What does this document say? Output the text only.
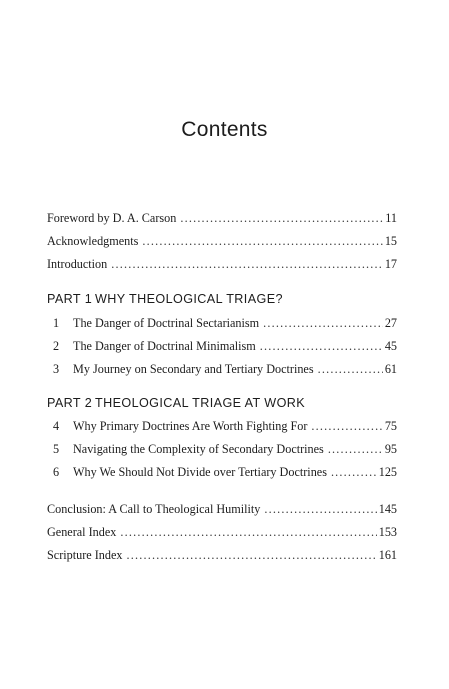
Contents
Foreword by D. A. Carson .....	11
Acknowledgments .....	15
Introduction .....	17
PART 1 WHY THEOLOGICAL TRIAGE?
1	The Danger of Doctrinal Sectarianism .....	27
2	The Danger of Doctrinal Minimalism .....	45
3	My Journey on Secondary and Tertiary Doctrines .....	61
PART 2 THEOLOGICAL TRIAGE AT WORK
4	Why Primary Doctrines Are Worth Fighting For .....	75
5	Navigating the Complexity of Secondary Doctrines .....	95
6	Why We Should Not Divide over Tertiary Doctrines .....	125
Conclusion: A Call to Theological Humility .....	145
General Index .....	153
Scripture Index .....	161
